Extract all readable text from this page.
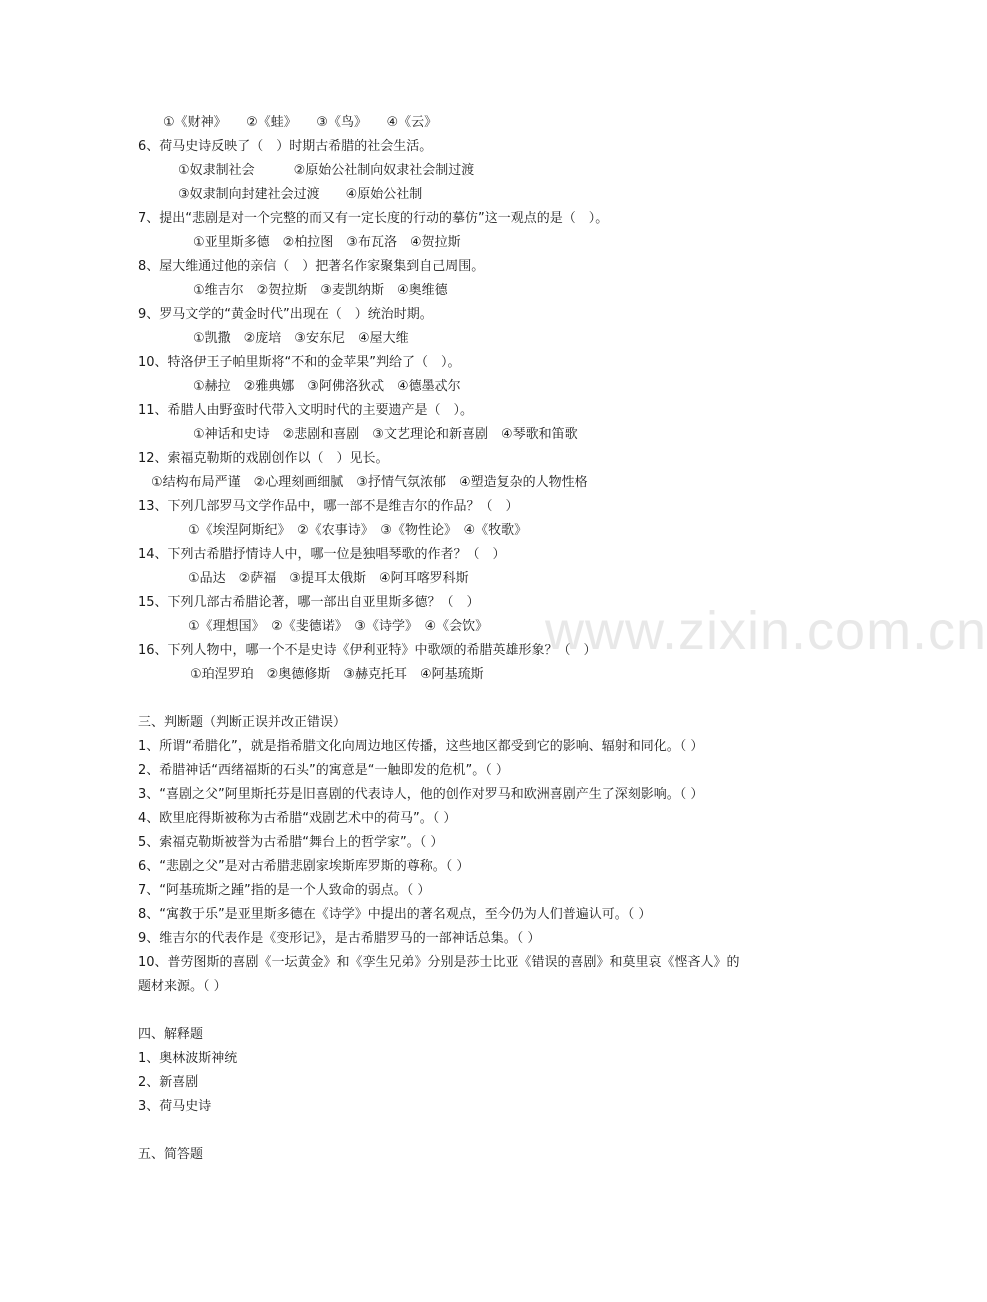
www.zixin.com.cn
①《财神》　　②《蛙》　　③《鸟》　　④《云》
6、荷马史诗反映了（　）时期古希腊的社会生活。
①奴隶制社会　　　②原始公社制向奴隶社会制过渡
③奴隶制向封建社会过渡　　④原始公社制
7、提出“悲剧是对一个完整的而又有一定长度的行动的摹仿”这一观点的是（　）。
①亚里斯多德　②柏拉图　③布瓦洛　④贺拉斯
8、屋大维通过他的亲信（　）把著名作家聚集到自己周围。
①维吉尔　②贺拉斯　③麦凯纳斯　④奥维德
9、罗马文学的“黄金时代”出现在（　）统治时期。
①凯撒　②庞培　③安东尼　④屋大维
10、特洛伊王子帕里斯将“不和的金苹果”判给了（　）。
①赫拉　②雅典娜　③阿佛洛狄忒　④德墨忒尔
11、希腊人由野蛮时代带入文明时代的主要遗产是（　）。
①神话和史诗　②悲剧和喜剧　③文艺理论和新喜剧　④琴歌和笛歌
12、索福克勒斯的戏剧创作以（　）见长。
①结构布局严谨　②心理刻画细腻　③抒情气氛浓郁　④塑造复杂的人物性格
13、下列几部罗马文学作品中，哪一部不是维吉尔的作品？（　）
①《埃涅阿斯纪》　②《农事诗》　③《物性论》　④《牧歌》
14、下列古希腊抒情诗人中，哪一位是独唱琴歌的作者？（　）
①品达　②萨福　③提耳太俄斯　④阿耳喀罗科斯
15、下列几部古希腊论著，哪一部出自亚里斯多德？（　）
①《理想国》　②《斐德诺》　③《诗学》　④《会饮》
16、下列人物中，哪一个不是史诗《伊利亚特》中歌颂的希腊英雄形象？（　）
①珀涅罗珀　②奥德修斯　③赫克托耳　④阿基琉斯
三、判断题（判断正误并改正错误）
1、所谓“希腊化”，就是指希腊文化向周边地区传播，这些地区都受到它的影响、辐射和同化。（ ）
2、希腊神话“西绪福斯的石头”的寓意是“一触即发的危机”。（ ）
3、“喜剧之父”阿里斯托芬是旧喜剧的代表诗人，他的创作对罗马和欧洲喜剧产生了深刻影响。（ ）
4、欧里庇得斯被称为古希腊“戏剧艺术中的荷马”。（ ）
5、索福克勒斯被誉为古希腊“舞台上的哲学家”。（ ）
6、“悲剧之父”是对古希腊悲剧家埃斯库罗斯的尊称。（ ）
7、“阿基琉斯之踵”指的是一个人致命的弱点。（ ）
8、“寓教于乐”是亚里斯多德在《诗学》中提出的著名观点，至今仍为人们普遍认可。（ ）
9、维吉尔的代表作是《变形记》，是古希腊罗马的一部神话总集。（ ）
10、普劳图斯的喜剧《一坛黄金》和《孪生兄弟》分别是莎士比亚《错误的喜剧》和莫里哀《悭吝人》的
题材来源。（ ）
四、解释题
1、奥林波斯神统
2、新喜剧
3、荷马史诗
五、简答题
